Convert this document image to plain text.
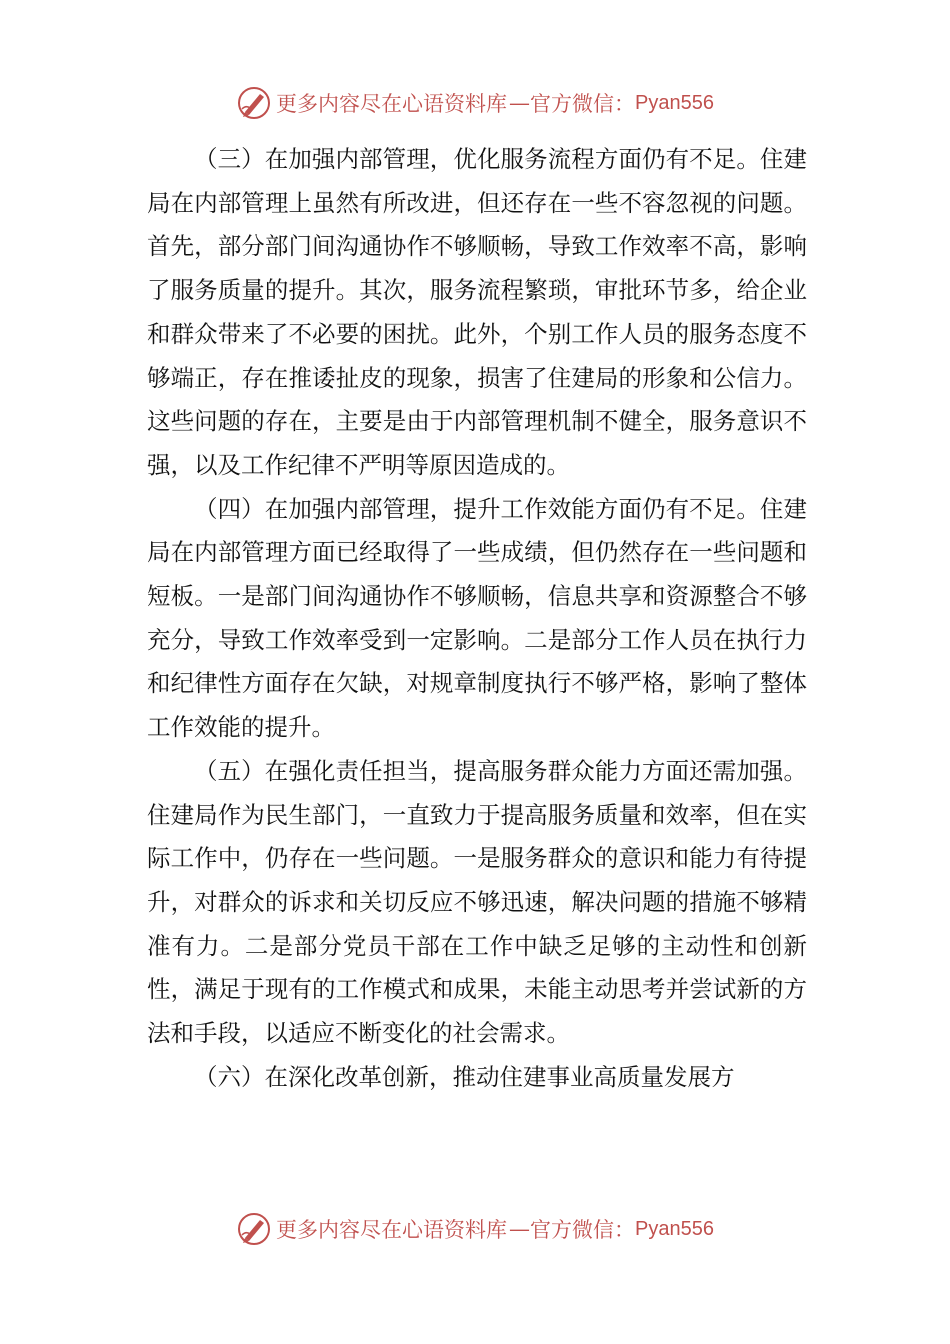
更多内容尽在心语资料库 — 官方微信： Pyan556

（三）在加强内部管理，优化服务流程方面仍有不足。住建局在内部管理上虽然有所改进，但还存在一些不容忽视的问题。首先，部分部门间沟通协作不够顺畅，导致工作效率不高，影响了服务质量的提升。其次，服务流程繁琐，审批环节多，给企业和群众带来了不必要的困扰。此外，个别工作人员的服务态度不够端正，存在推诿扯皮的现象，损害了住建局的形象和公信力。这些问题的存在，主要是由于内部管理机制不健全，服务意识不强，以及工作纪律不严明等原因造成的。

（四）在加强内部管理，提升工作效能方面仍有不足。住建局在内部管理方面已经取得了一些成绩，但仍然存在一些问题和短板。一是部门间沟通协作不够顺畅，信息共享和资源整合不够充分，导致工作效率受到一定影响。二是部分工作人员在执行力和纪律性方面存在欠缺，对规章制度执行不够严格，影响了整体工作效能的提升。

（五）在强化责任担当，提高服务群众能力方面还需加强。住建局作为民生部门，一直致力于提高服务质量和效率，但在实际工作中，仍存在一些问题。一是服务群众的意识和能力有待提升，对群众的诉求和关切反应不够迅速，解决问题的措施不够精准有力。二是部分党员干部在工作中缺乏足够的主动性和创新性，满足于现有的工作模式和成果，未能主动思考并尝试新的方法和手段，以适应不断变化的社会需求。

（六）在深化改革创新，推动住建事业高质量发展方

更多内容尽在心语资料库 — 官方微信： Pyan556
